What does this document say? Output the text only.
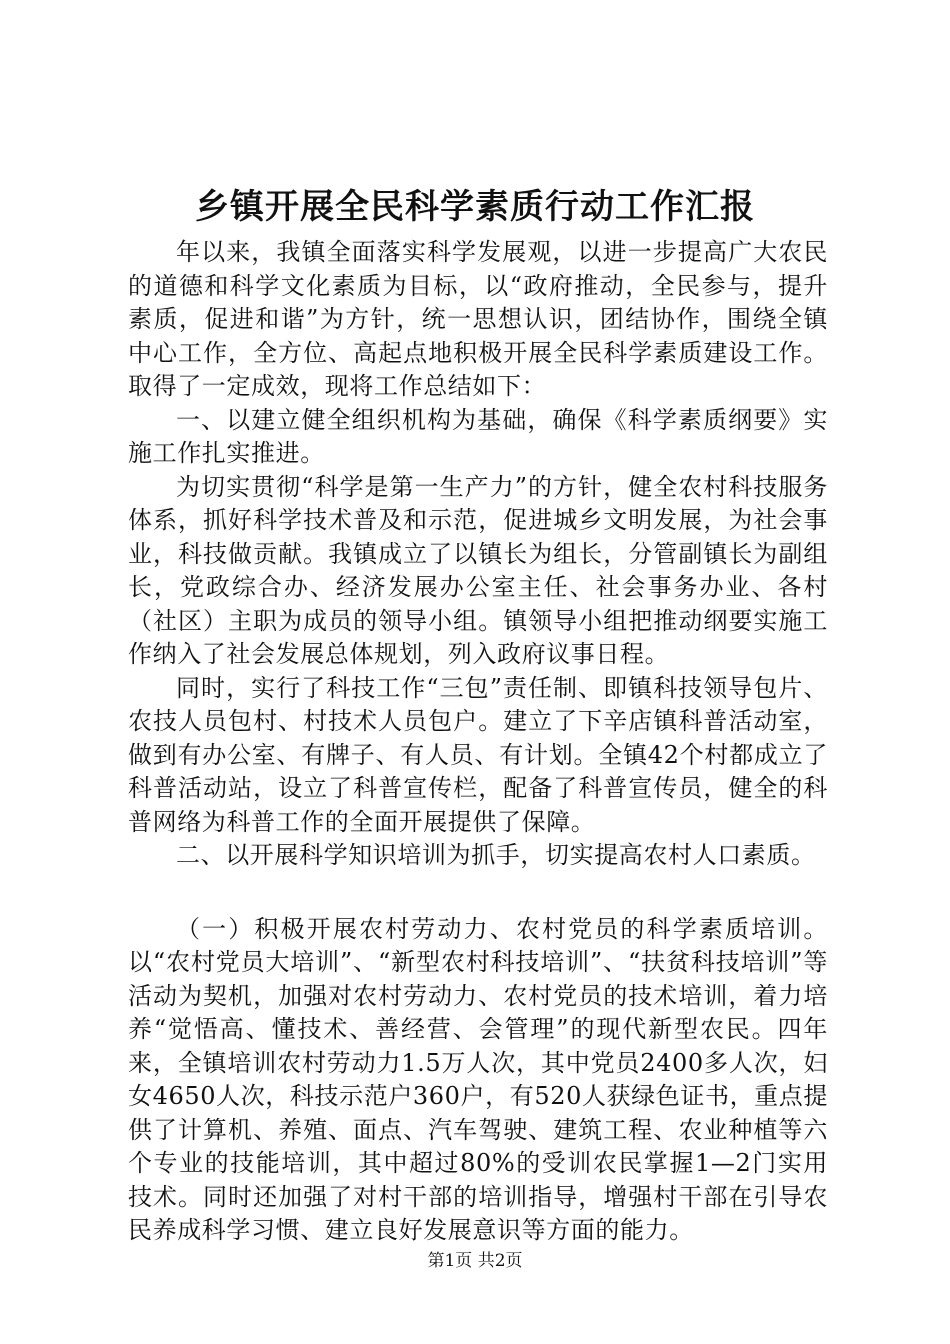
乡镇开展全民科学素质行动工作汇报

年以来，我镇全面落实科学发展观，以进一步提高广大农民的道德和科学文化素质为目标，以“政府推动，全民参与，提升素质，促进和谐”为方针，统一思想认识，团结协作，围绕全镇中心工作，全方位、高起点地积极开展全民科学素质建设工作。取得了一定成效，现将工作总结如下：

一、以建立健全组织机构为基础，确保《科学素质纲要》实施工作扎实推进。

为切实贯彻“科学是第一生产力”的方针，健全农村科技服务体系，抓好科学技术普及和示范，促进城乡文明发展，为社会事业，科技做贡献。我镇成立了以镇长为组长，分管副镇长为副组长，党政综合办、经济发展办公室主任、社会事务办业、各村（社区）主职为成员的领导小组。镇领导小组把推动纲要实施工作纳入了社会发展总体规划，列入政府议事日程。

同时，实行了科技工作“三包”责任制、即镇科技领导包片、农技人员包村、村技术人员包户。建立了下辛店镇科普活动室，做到有办公室、有牌子、有人员、有计划。全镇42个村都成立了科普活动站，设立了科普宣传栏，配备了科普宣传员，健全的科普网络为科普工作的全面开展提供了保障。

二、以开展科学知识培训为抓手，切实提高农村人口素质。

（一）积极开展农村劳动力、农村党员的科学素质培训。以“农村党员大培训”、“新型农村科技培训”、“扶贫科技培训”等活动为契机，加强对农村劳动力、农村党员的技术培训，着力培养“觉悟高、懂技术、善经营、会管理”的现代新型农民。四年来，全镇培训农村劳动力1.5万人次，其中党员2400多人次，妇女4650人次，科技示范户360户，有520人获绿色证书，重点提供了计算机、养殖、面点、汽车驾驶、建筑工程、农业种植等六个专业的技能培训，其中超过80%的受训农民掌握1—2门实用技术。同时还加强了对村干部的培训指导，增强村干部在引导农民养成科学习惯、建立良好发展意识等方面的能力。

第1页 共2页
